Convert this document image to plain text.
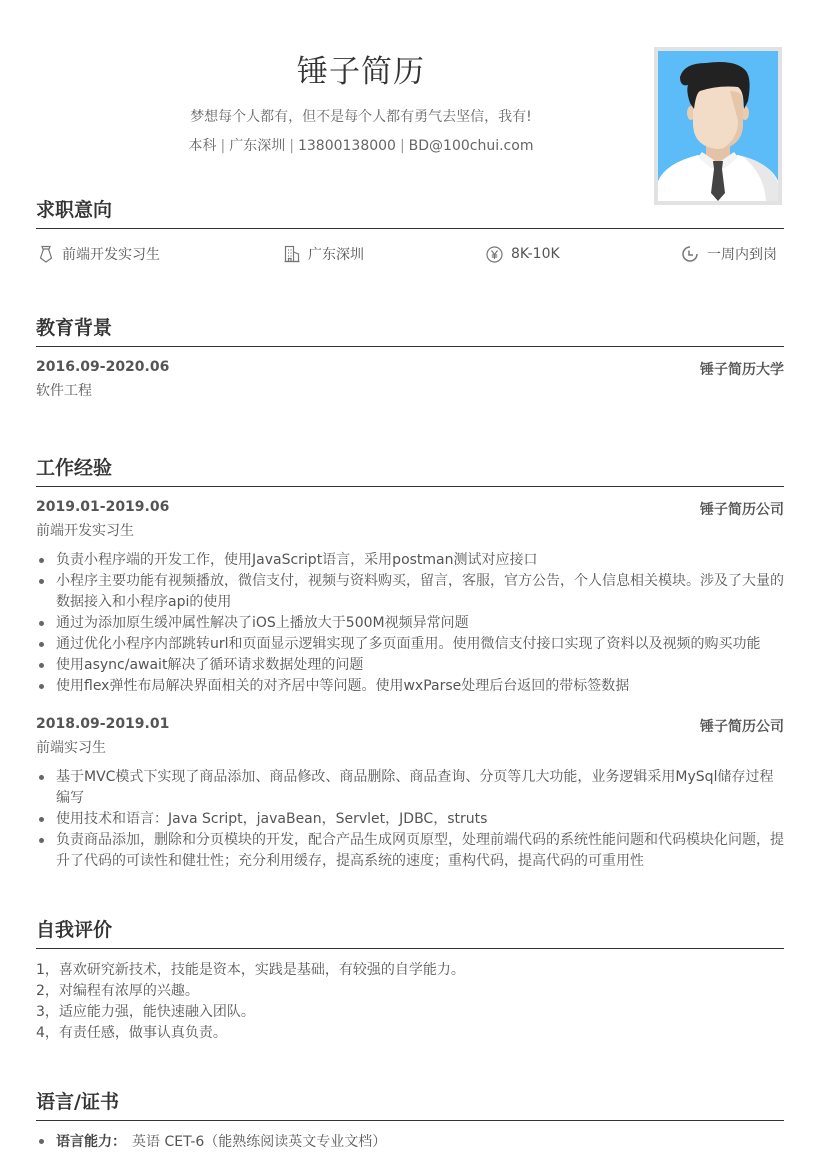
锤子简历
梦想每个人都有，但不是每个人都有勇气去坚信，我有!
本科 | 广东深圳 | 13800138000 | BD@100chui.com
求职意向
前端开发实习生	广东深圳	8K-10K	一周内到岗
教育背景
2016.09-2020.06	锤子简历大学
软件工程
工作经验
2019.01-2019.06	锤子简历公司
前端开发实习生
负责小程序端的开发工作，使用JavaScript语言，采用postman测试对应接口
小程序主要功能有视频播放，微信支付，视频与资料购买，留言，客服，官方公告，个人信息相关模块。涉及了大量的数据接入和小程序api的使用
通过为添加原生缓冲属性解决了iOS上播放大于500M视频异常问题
通过优化小程序内部跳转url和页面显示逻辑实现了多页面重用。使用微信支付接口实现了资料以及视频的购买功能
使用async/await解决了循环请求数据处理的问题
使用flex弹性布局解决界面相关的对齐居中等问题。使用wxParse处理后台返回的带标签数据
2018.09-2019.01	锤子简历公司
前端实习生
基于MVC模式下实现了商品添加、商品修改、商品删除、商品查询、分页等几大功能，业务逻辑采用MySql储存过程编写
使用技术和语言：Java Script，javaBean，Servlet，JDBC，struts
负责商品添加，删除和分页模块的开发，配合产品生成网页原型，处理前端代码的系统性能问题和代码模块化问题，提升了代码的可读性和健壮性；充分利用缓存，提高系统的速度；重构代码，提高代码的可重用性
自我评价
1，喜欢研究新技术，技能是资本，实践是基础，有较强的自学能力。
2，对编程有浓厚的兴趣。
3，适应能力强，能快速融入团队。
4，有责任感，做事认真负责。
语言/证书
语言能力： 英语 CET-6（能熟练阅读英文专业文档）
